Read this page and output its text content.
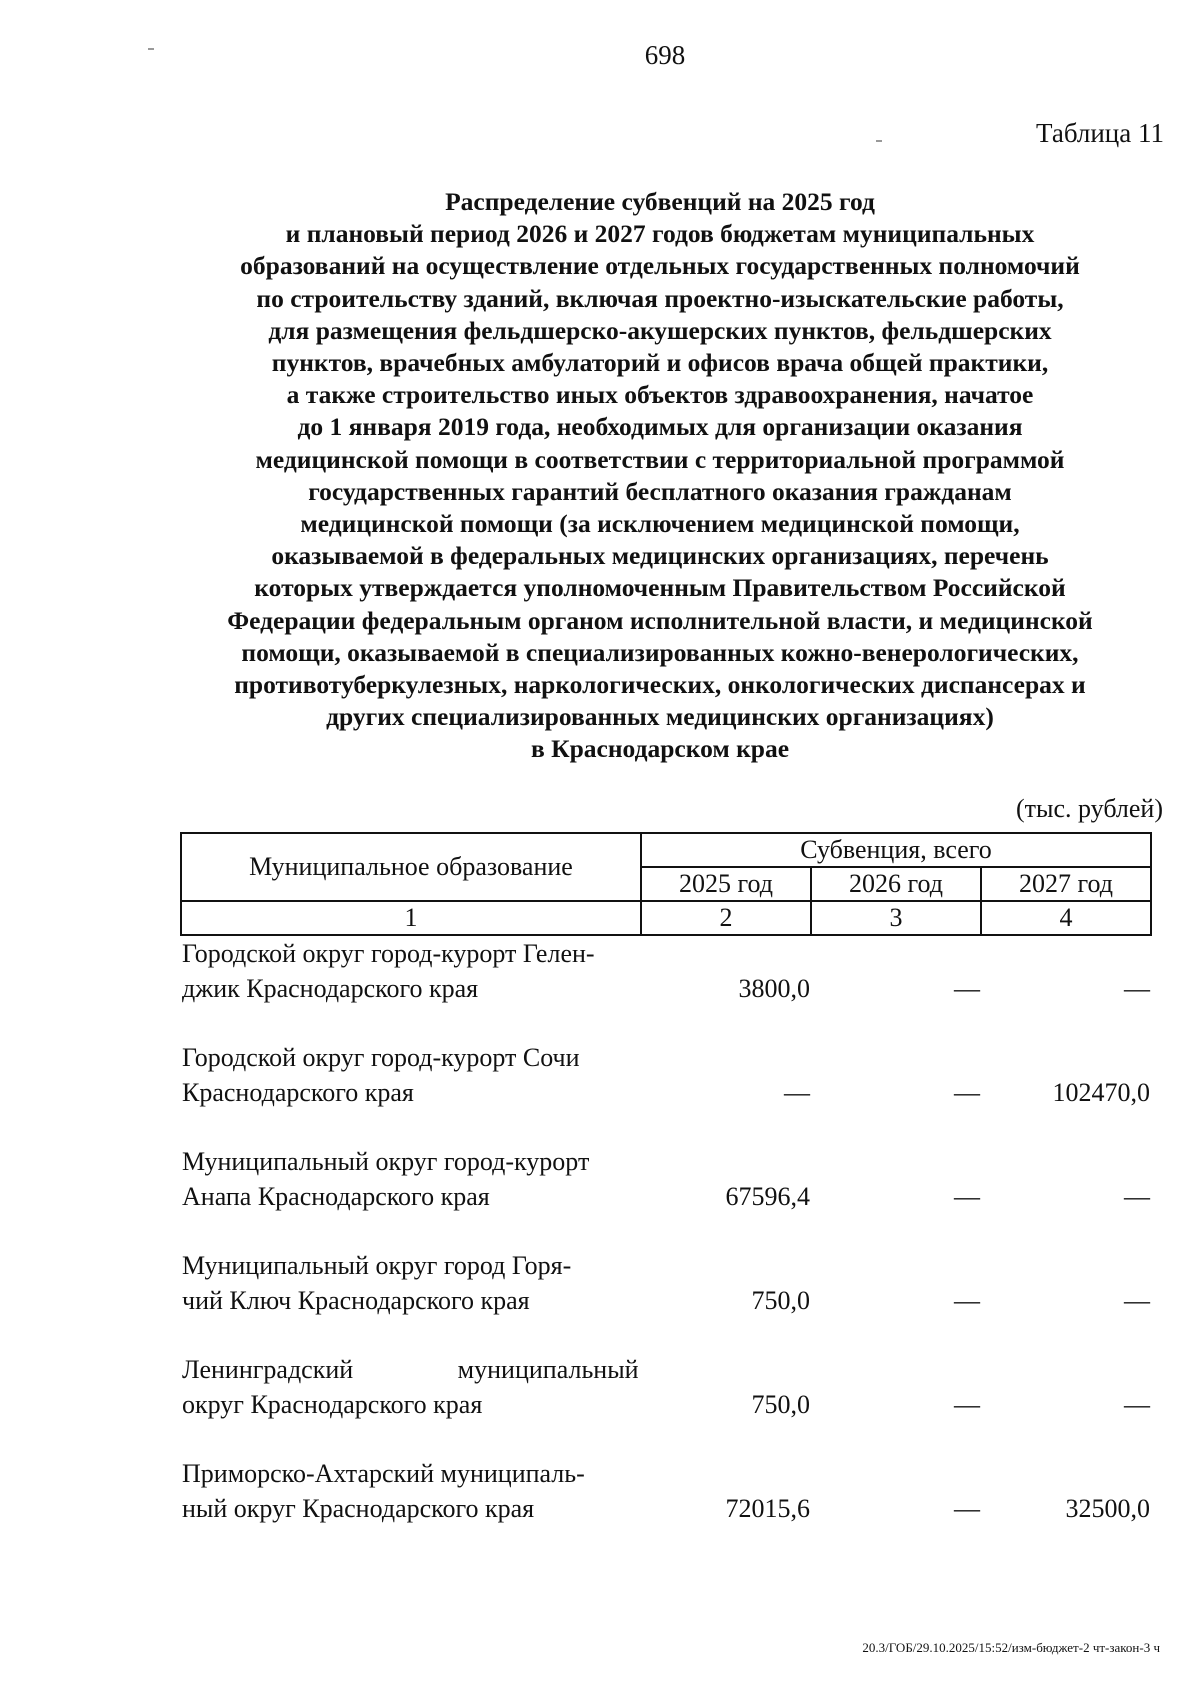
698
Таблица 11
Распределение субвенций на 2025 год
и плановый период 2026 и 2027 годов бюджетам муниципальных
образований на осуществление отдельных государственных полномочий
по строительству зданий, включая проектно-изыскательские работы,
для размещения фельдшерско-акушерских пунктов, фельдшерских
пунктов, врачебных амбулаторий и офисов врача общей практики,
а также строительство иных объектов здравоохранения, начатое
до 1 января 2019 года, необходимых для организации оказания
медицинской помощи в соответствии с территориальной программой
государственных гарантий бесплатного оказания гражданам
медицинской помощи (за исключением медицинской помощи,
оказываемой в федеральных медицинских организациях, перечень
которых утверждается уполномоченным Правительством Российской
Федерации федеральным органом исполнительной власти, и медицинской
помощи, оказываемой в специализированных кожно-венерологических,
противотуберкулезных, наркологических, онкологических диспансерах и
других специализированных медицинских организациях)
в Краснодарском крае
(тыс. рублей)
Муниципальное образование	Субвенция, всего		
	2025 год	2026 год	2027 год
1	2	3	4
Городской округ город-курорт Гелен-
джик Краснодарского края	3800,0	—	—
Городской округ город-курорт Сочи
Краснодарского края	—	—	102470,0
Муниципальный округ город-курорт
Анапа Краснодарского края	67596,4	—	—
Муниципальный округ город Горя-
чий Ключ Краснодарского края	750,0	—	—
Ленинградский муниципальный
округ Краснодарского края	750,0	—	—
Приморско-Ахтарский муниципаль-
ный округ Краснодарского края	72015,6	—	32500,0
20.3/ГОБ/29.10.2025/15:52/изм-бюджет-2 чт-закон-3 ч
